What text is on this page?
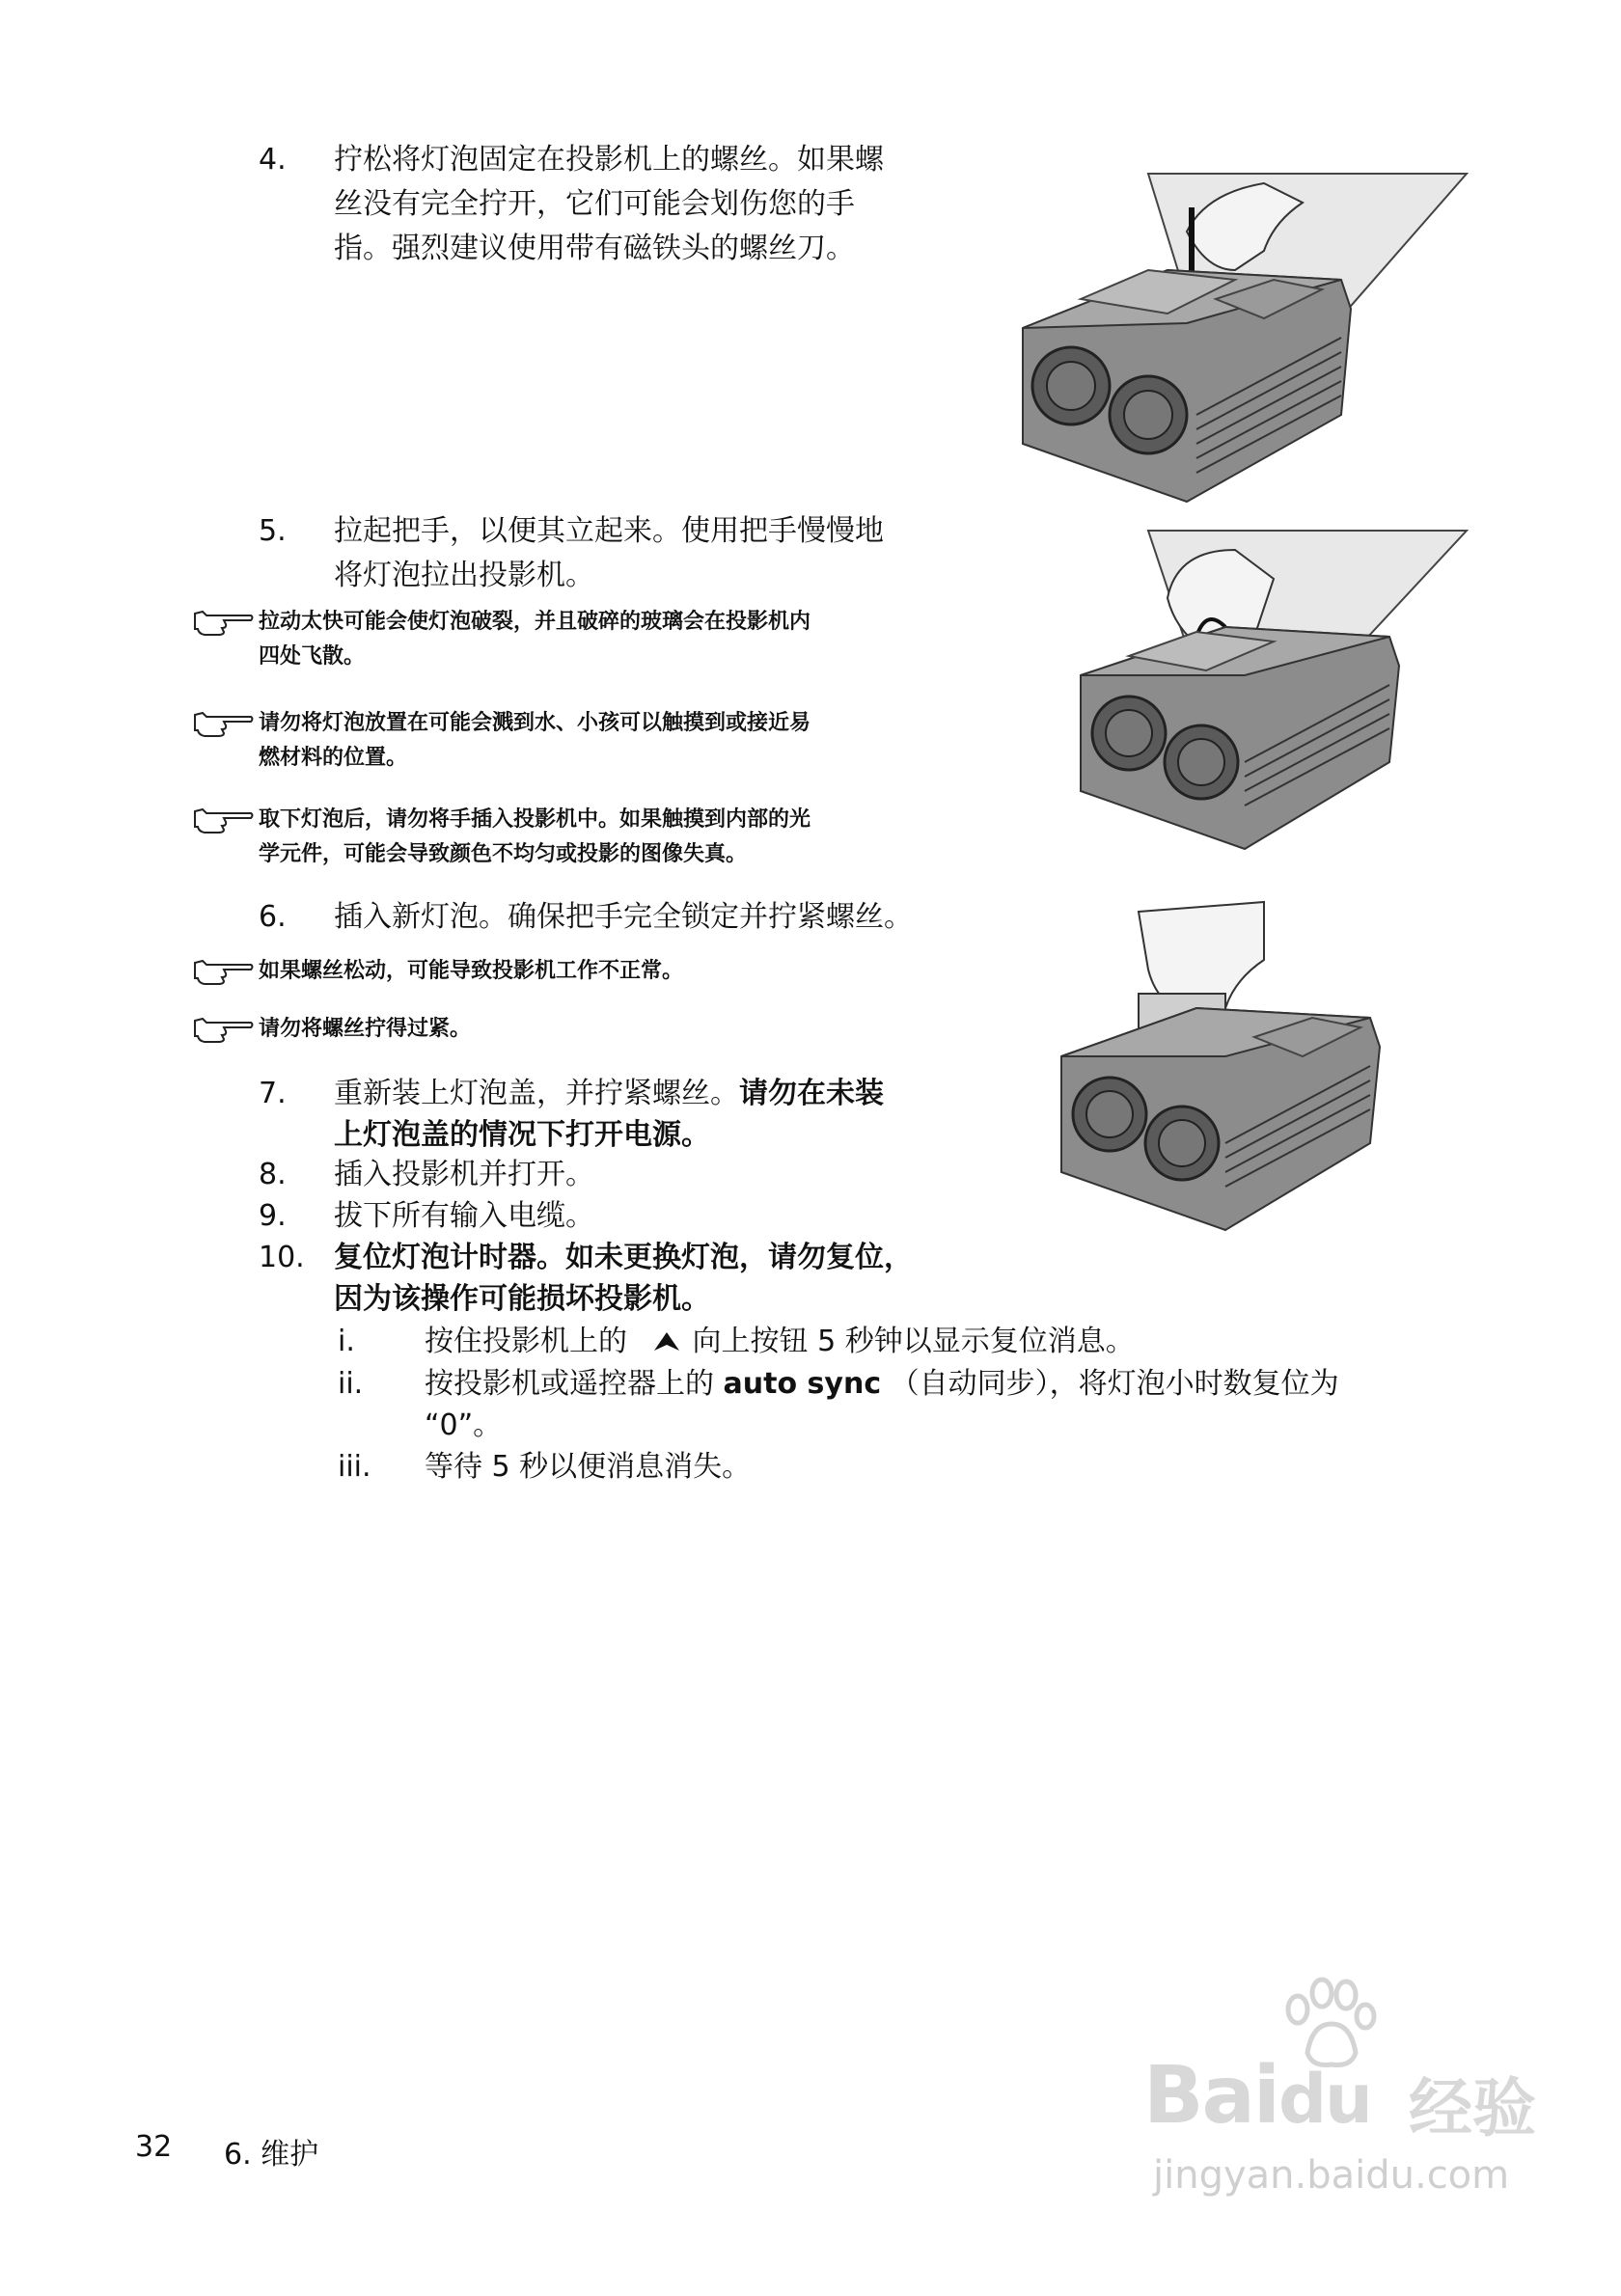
4. 拧松将灯泡固定在投影机上的螺丝。如果螺
丝没有完全拧开，它们可能会划伤您的手
指。强烈建议使用带有磁铁头的螺丝刀。
5. 拉起把手，以便其立起来。使用把手慢慢地
将灯泡拉出投影机。
拉动太快可能会使灯泡破裂，并且破碎的玻璃会在投影机内
四处飞散。
请勿将灯泡放置在可能会溅到水、小孩可以触摸到或接近易
燃材料的位置。
取下灯泡后，请勿将手插入投影机中。如果触摸到内部的光
学元件，可能会导致颜色不均匀或投影的图像失真。
6. 插入新灯泡。确保把手完全锁定并拧紧螺丝。
如果螺丝松动，可能导致投影机工作不正常。
请勿将螺丝拧得过紧。
7. 重新装上灯泡盖，并拧紧螺丝。请勿在未装
上灯泡盖的情况下打开电源。
8. 插入投影机并打开。
9. 拔下所有输入电缆。
10. 复位灯泡计时器。如未更换灯泡，请勿复位，
因为该操作可能损坏投影机。
i. 按住投影机上的 向上按钮 5 秒钟以显示复位消息。
ii. 按投影机或遥控器上的 auto sync （自动同步），将灯泡小时数复位为
“0”。
iii. 等待 5 秒以便消息消失。
32 6. 维护
Baidu 经验
jingyan.baidu.com
